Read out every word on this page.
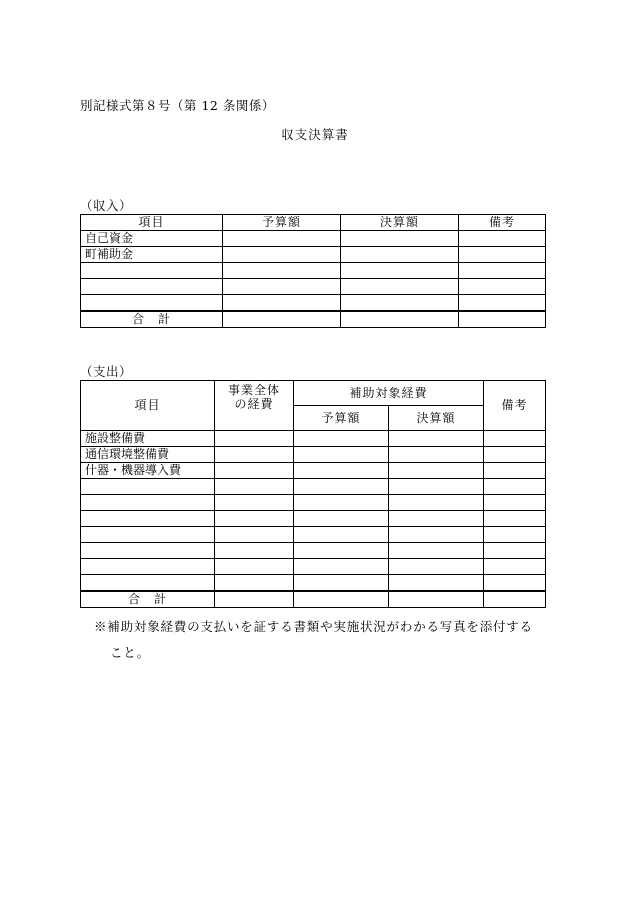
別記様式第８号（第 12 条関係）
収支決算書
（収入）
項目	予算額	決算額	備考
自己資金			
町補助金			

合　計			
（支出）
項目	事業全体
の経費	補助対象経費		備考
		予算額	決算額	
施設整備費				
通信環境整備費				
什器・機器導入費				

合　計				
※補助対象経費の支払いを証する書類や実施状況がわかる写真を添付する
こと。
